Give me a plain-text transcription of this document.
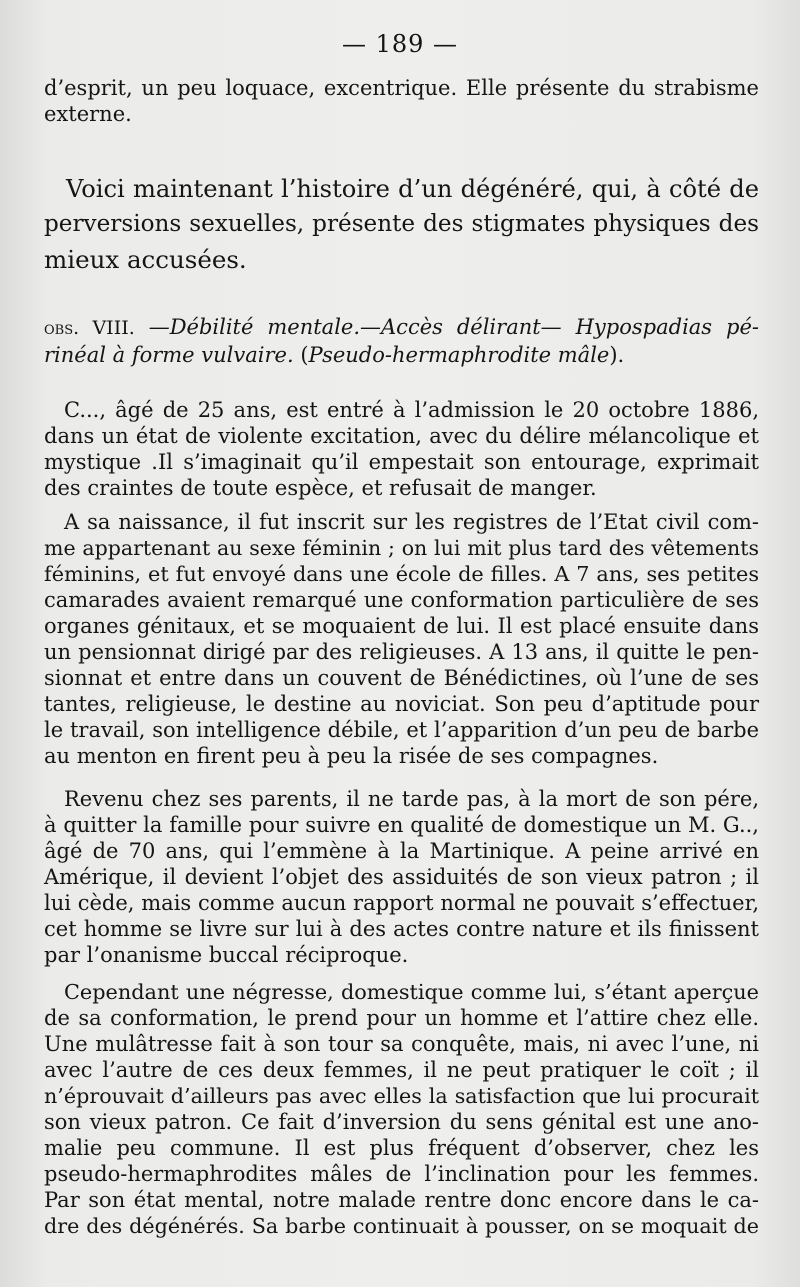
— 189 —
d’esprit, un peu loquace, excentrique. Elle présente du strabisme
externe.
Voici maintenant l’histoire d’un dégénéré, qui, à côté de
perversions sexuelles, présente des stigmates physiques des
mieux accusées.
obs. VIII. —Débilité mentale.—Accès délirant— Hypospadias pé-
rinéal à forme vulvaire. (Pseudo-hermaphrodite mâle).
C..., âgé de 25 ans, est entré à l’admission le 20 octobre 1886,
dans un état de violente excitation, avec du délire mélancolique et
mystique .Il s’imaginait qu’il empestait son entourage, exprimait
des craintes de toute espèce, et refusait de manger.
A sa naissance, il fut inscrit sur les registres de l’Etat civil com-
me appartenant au sexe féminin ; on lui mit plus tard des vêtements
féminins, et fut envoyé dans une école de filles. A 7 ans, ses petites
camarades avaient remarqué une conformation particulière de ses
organes génitaux, et se moquaient de lui. Il est placé ensuite dans
un pensionnat dirigé par des religieuses. A 13 ans, il quitte le pen-
sionnat et entre dans un couvent de Bénédictines, où l’une de ses
tantes, religieuse, le destine au noviciat. Son peu d’aptitude pour
le travail, son intelligence débile, et l’apparition d’un peu de barbe
au menton en firent peu à peu la risée de ses compagnes.
Revenu chez ses parents, il ne tarde pas, à la mort de son pére,
à quitter la famille pour suivre en qualité de domestique un M. G..,
âgé de 70 ans, qui l’emmène à la Martinique. A peine arrivé en
Amérique, il devient l’objet des assiduités de son vieux patron ; il
lui cède, mais comme aucun rapport normal ne pouvait s’effectuer,
cet homme se livre sur lui à des actes contre nature et ils finissent
par l’onanisme buccal réciproque.
Cependant une négresse, domestique comme lui, s’étant aperçue
de sa conformation, le prend pour un homme et l’attire chez elle.
Une mulâtresse fait à son tour sa conquête, mais, ni avec l’une, ni
avec l’autre de ces deux femmes, il ne peut pratiquer le coït ; il
n’éprouvait d’ailleurs pas avec elles la satisfaction que lui procurait
son vieux patron. Ce fait d’inversion du sens génital est une ano-
malie peu commune. Il est plus fréquent d’observer, chez les
pseudo-hermaphrodites mâles de l’inclination pour les femmes.
Par son état mental, notre malade rentre donc encore dans le ca-
dre des dégénérés. Sa barbe continuait à pousser, on se moquait de
